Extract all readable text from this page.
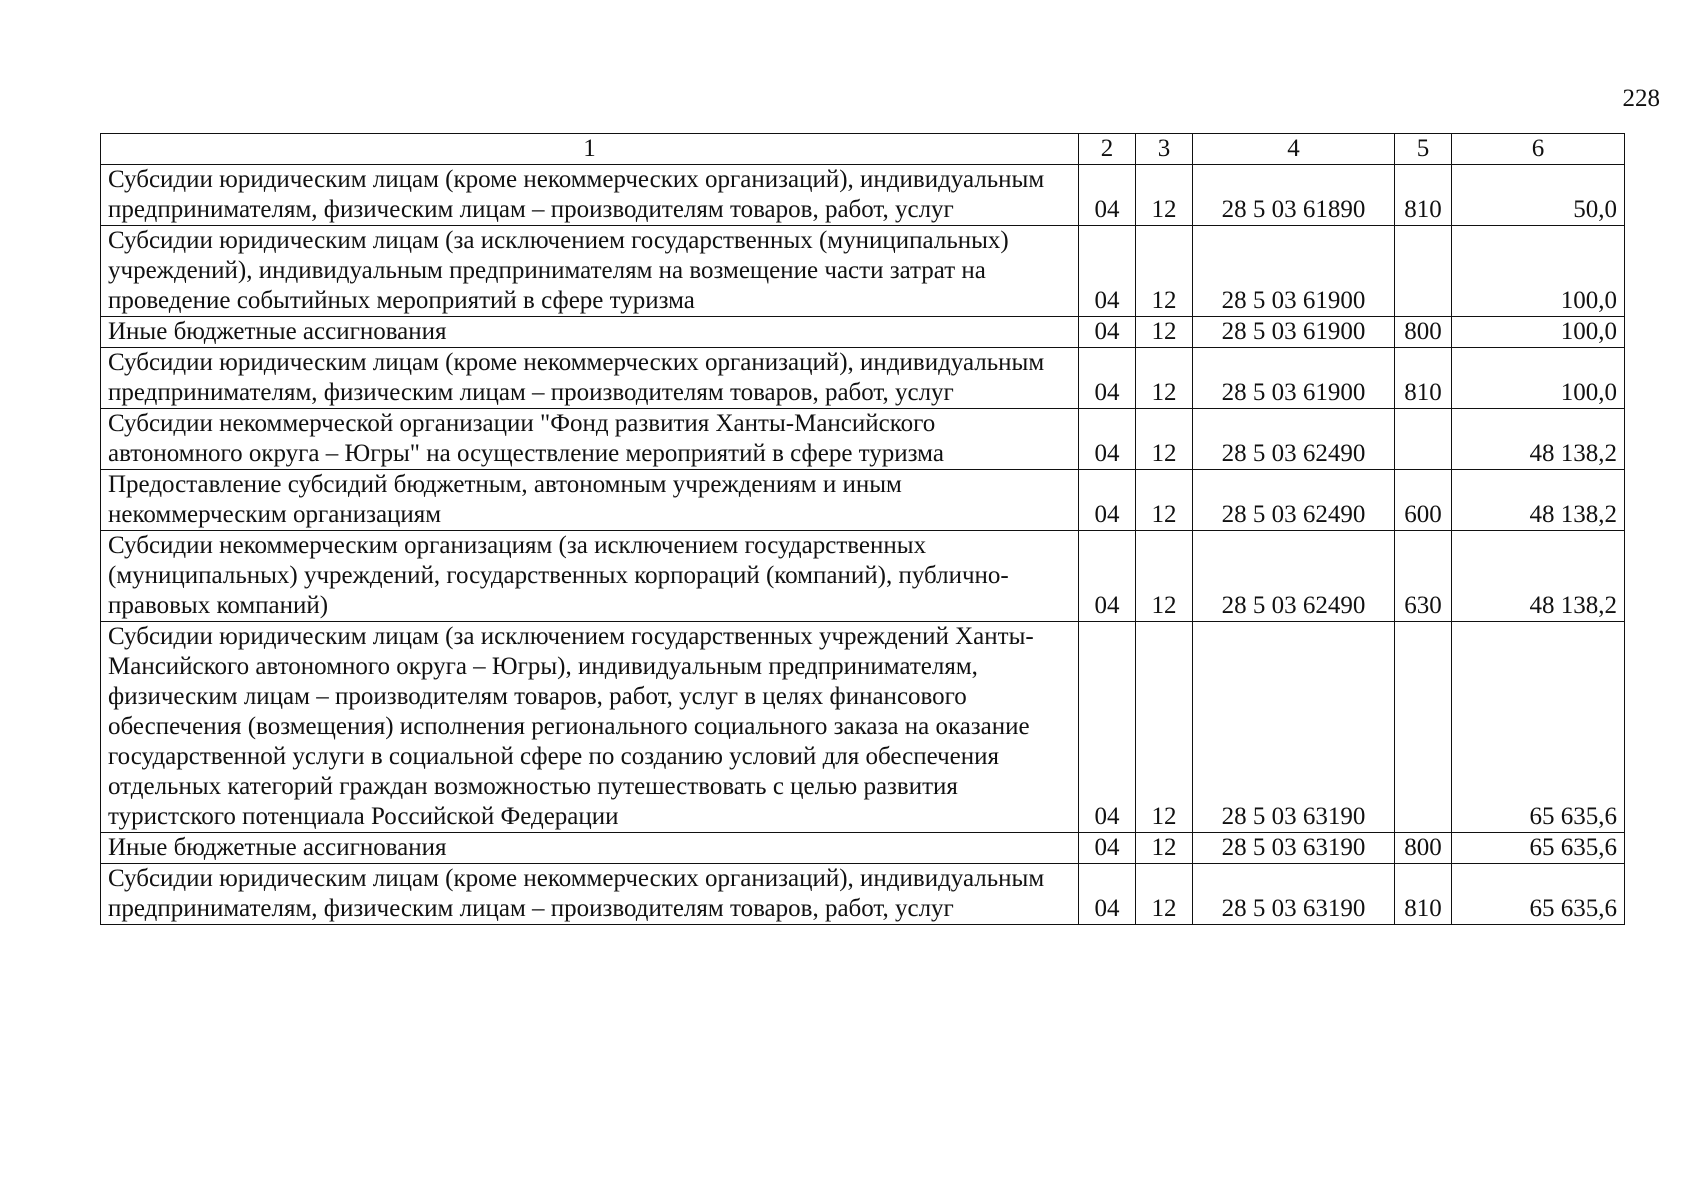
228
1	2	3	4	5	6
Субсидии юридическим лицам (кроме некоммерческих организаций), индивидуальным предпринимателям, физическим лицам – производителям товаров, работ, услуг	04	12	28 5 03 61890	810	50,0
Субсидии юридическим лицам (за исключением государственных (муниципальных) учреждений), индивидуальным предпринимателям на возмещение части затрат на проведение событийных мероприятий в сфере туризма	04	12	28 5 03 61900		100,0
Иные бюджетные ассигнования	04	12	28 5 03 61900	800	100,0
Субсидии юридическим лицам (кроме некоммерческих организаций), индивидуальным предпринимателям, физическим лицам – производителям товаров, работ, услуг	04	12	28 5 03 61900	810	100,0
Субсидии некоммерческой организации "Фонд развития Ханты-Мансийского автономного округа – Югры" на осуществление мероприятий в сфере туризма	04	12	28 5 03 62490		48 138,2
Предоставление субсидий бюджетным, автономным учреждениям и иным некоммерческим организациям	04	12	28 5 03 62490	600	48 138,2
Субсидии некоммерческим организациям (за исключением государственных (муниципальных) учреждений, государственных корпораций (компаний), публично-правовых компаний)	04	12	28 5 03 62490	630	48 138,2
Субсидии юридическим лицам (за исключением государственных учреждений Ханты-Мансийского автономного округа – Югры), индивидуальным предпринимателям, физическим лицам – производителям товаров, работ, услуг в целях финансового обеспечения (возмещения) исполнения регионального социального заказа на оказание государственной услуги в социальной сфере по созданию условий для обеспечения отдельных категорий граждан возможностью путешествовать с целью развития туристского потенциала Российской Федерации	04	12	28 5 03 63190		65 635,6
Иные бюджетные ассигнования	04	12	28 5 03 63190	800	65 635,6
Субсидии юридическим лицам (кроме некоммерческих организаций), индивидуальным предпринимателям, физическим лицам – производителям товаров, работ, услуг	04	12	28 5 03 63190	810	65 635,6
